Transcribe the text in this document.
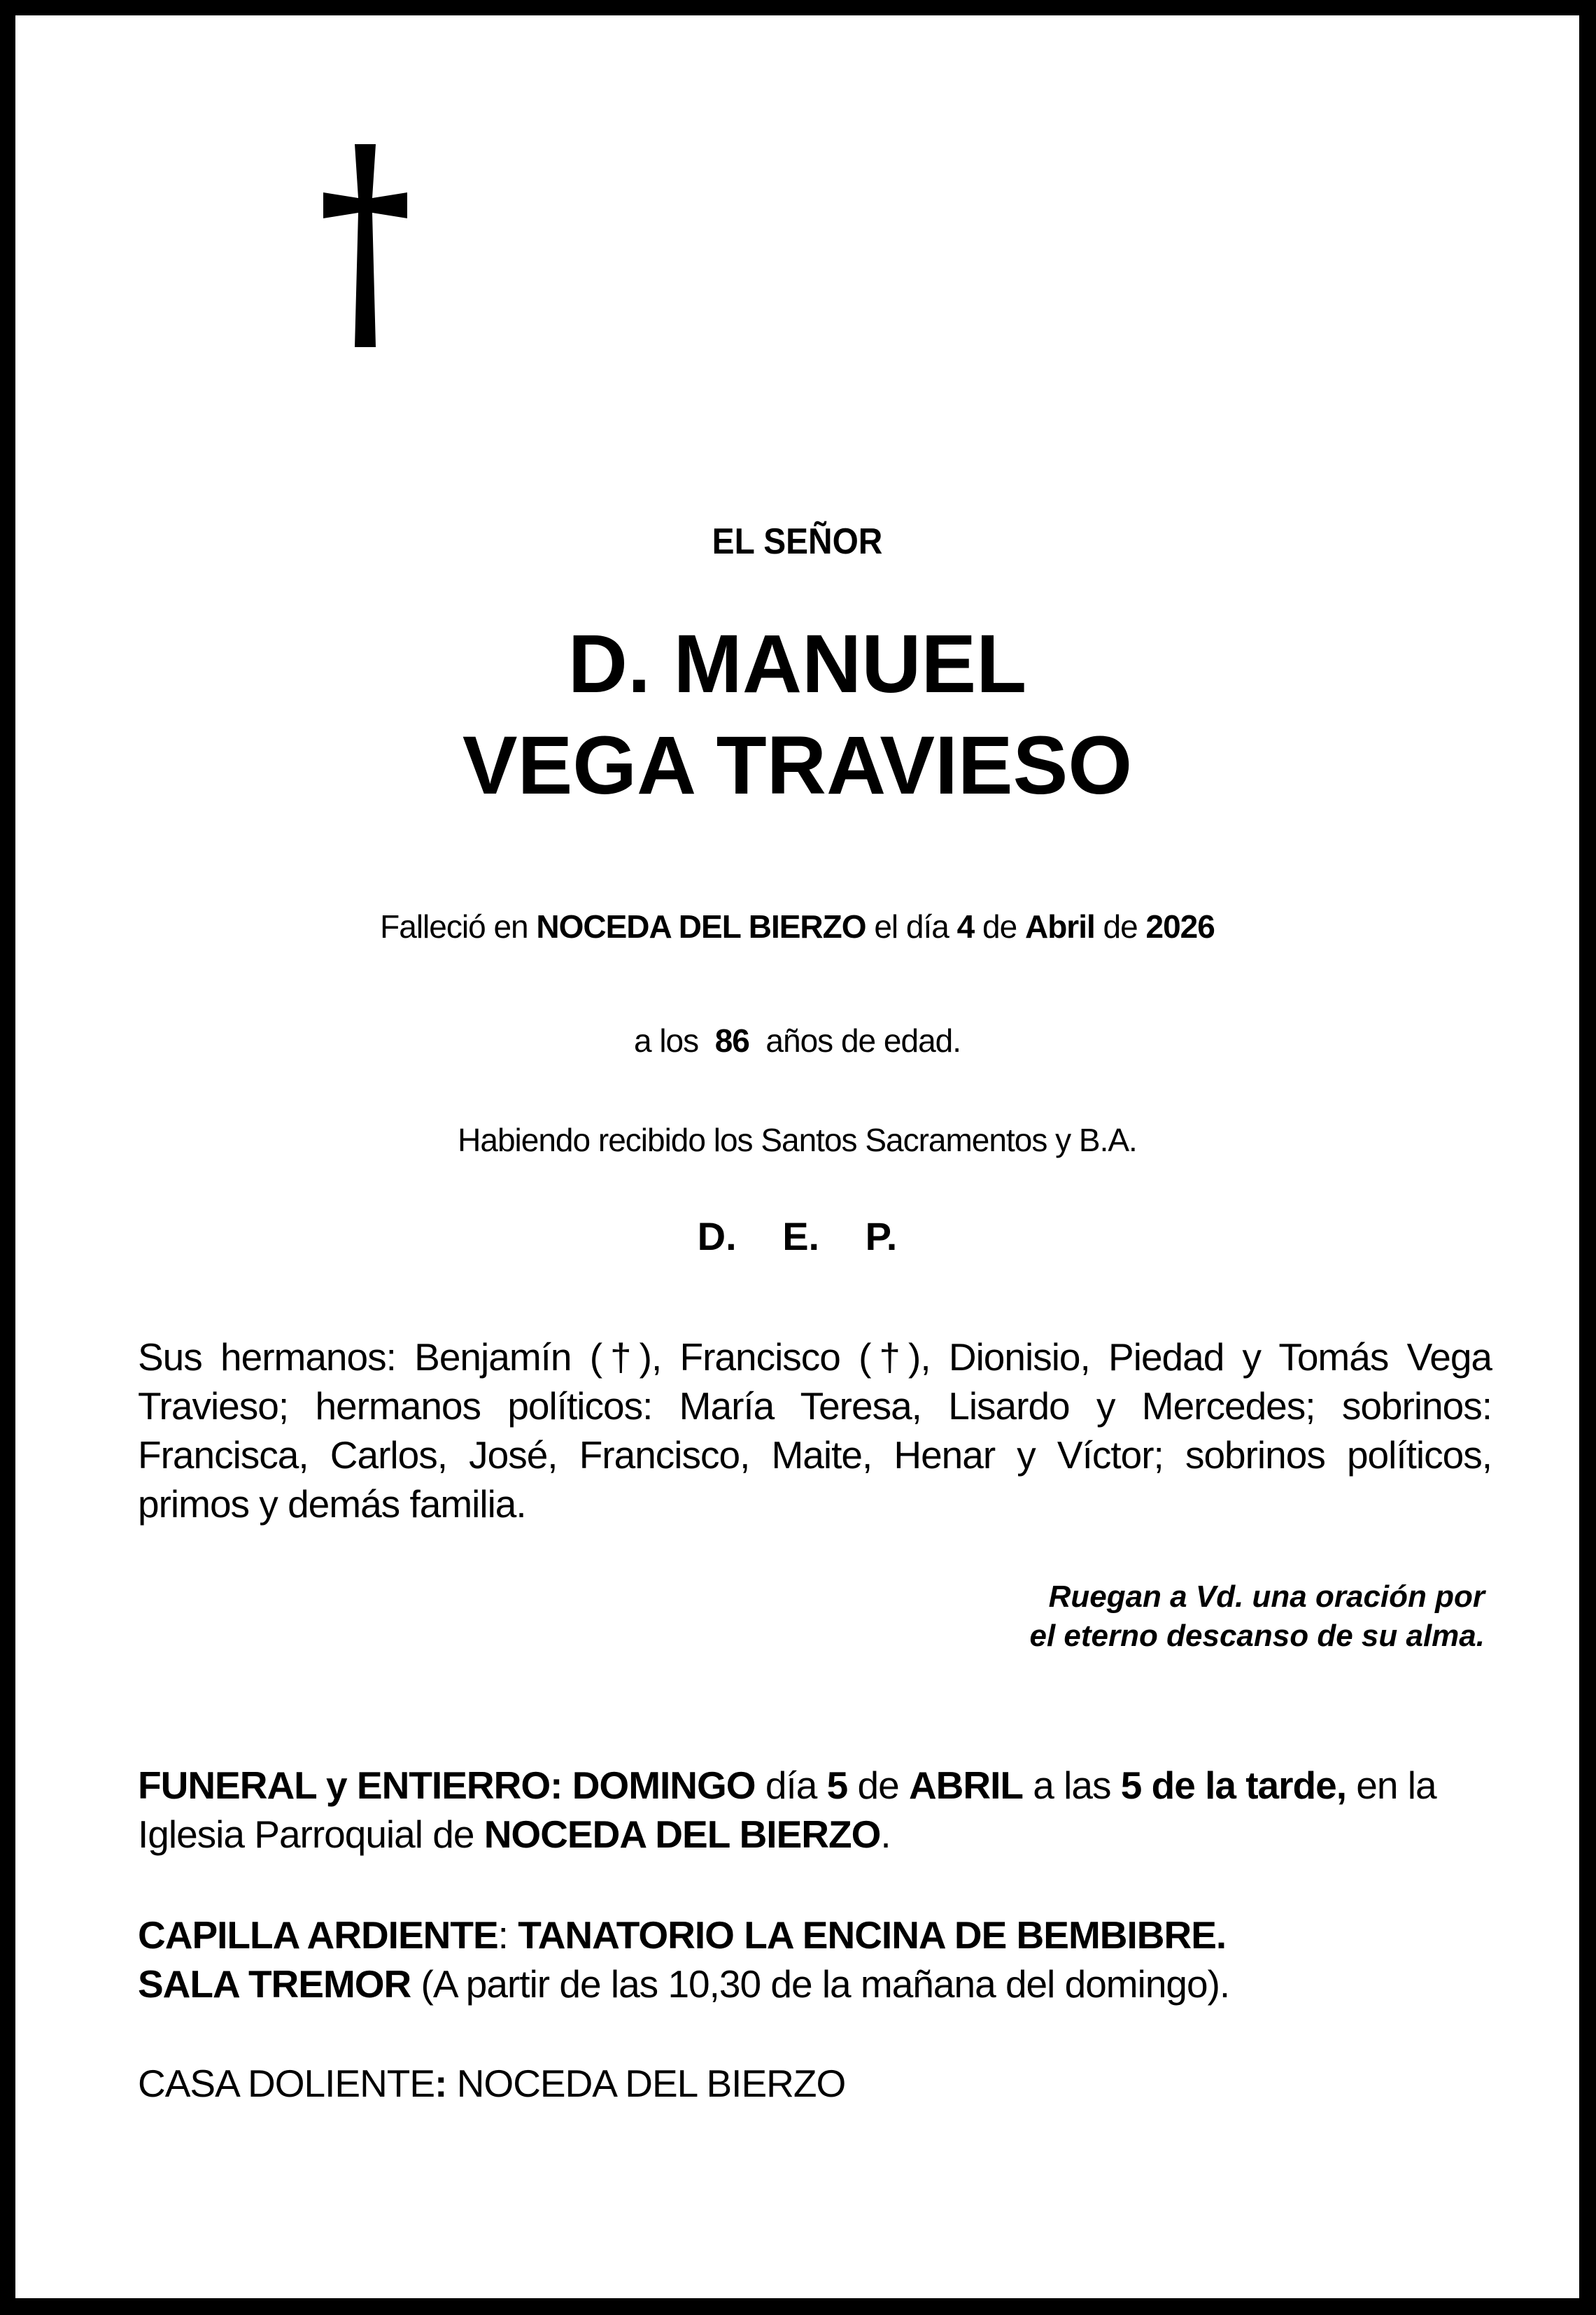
EL SEÑOR
D. MANUEL
VEGA TRAVIESO
Falleció en NOCEDA DEL BIERZO el día 4 de Abril de 2026
a los  86  años de edad.
Habiendo recibido los Santos Sacramentos y B.A.
D. E. P.
Sus hermanos: Benjamín (†), Francisco (†), Dionisio, Piedad y Tomás Vega Travieso; hermanos políticos: María Teresa, Lisardo y Mercedes; sobrinos: Francisca, Carlos, José, Francisco, Maite, Henar y Víctor; sobrinos políticos, primos y demás familia.
Ruegan a Vd. una oración por
el eterno descanso de su alma.
FUNERAL y ENTIERRO: DOMINGO día 5 de ABRIL a las 5 de la tarde, en la Iglesia Parroquial de NOCEDA DEL BIERZO.
CAPILLA ARDIENTE: TANATORIO LA ENCINA DE BEMBIBRE.
SALA TREMOR (A partir de las 10,30 de la mañana del domingo).
CASA DOLIENTE: NOCEDA DEL BIERZO
